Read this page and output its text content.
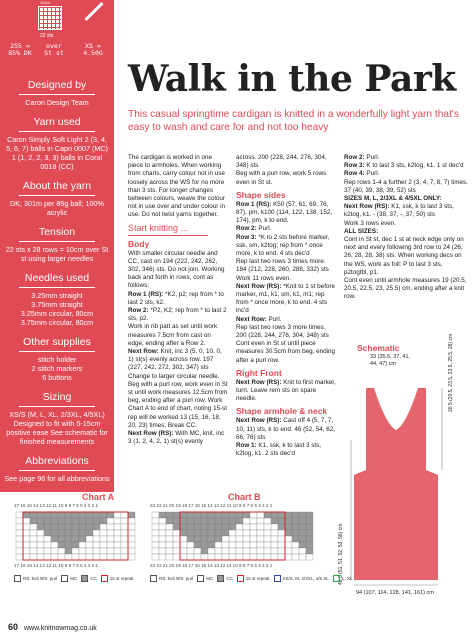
10cm
22 sts
255 = 85% DK
over St st
XS = 4.50G
Designed by
Caron Design Team
Yarn used
Caron Simply Soft Light 2 (3, 4, 5, 6, 7) balls in Capri 0007 (MC) 1 (1, 2, 2, 3, 3) balls in Coral 0018 (CC)
About the yarn
DK; 301m per 85g ball; 100% acrylic
Tension
22 sts x 28 rows = 10cm over St st using larger needles
Needles used
3.25mm straight
3.75mm straight
3.25mm circular, 80cm
3.75mm circular, 80cm
Other supplies
stitch holder
2 stitch markers
6 buttons
Sizing
XS/S (M, L, XL, 2/3XL, 4/5XL) Designed to fit with 5-15cm positive ease See schematic for finished measurements
Abbreviations
See page 96 for all abbreviations
Walk in the Park

This casual springtime cardigan is knitted in a wonderfully light yarn that's easy to wash and care for and not too heavy

The cardigan is worked in one piece to armholes. When working from charts, carry colour not in use loosely across the WS for no more than 3 sts. For longer changes between colours, weave the colour not in use over and under colour in use. Do not twist yarns together.

Start knitting ...
Body

With smaller circular needle and CC, cast on 194 (222, 242, 262, 302, 346) sts. Do not join. Working back and forth in rows, cont as follows:

Row 1 (RS): *K2, p2; rep from * to last 2 sts, k2.

Row 2: *P2, K2; rep from * to last 2 sts, p2.

Work in rib patt as set until work measures 7.5cm from cast on edge, ending after a Row 2.

Next Row: Knit, inc 3 (5, 0, 10, 0, 1) st(s) evenly across row. 197 (227, 242, 272, 302, 347) sts

Change to larger circular needle. Beg with a purl row, work even in St st until work measures 12.5cm from beg, ending after a purl row. Work Chart A to end of chart, noting 15-st rep will be worked 13 (15, 16, 18, 20, 23) times. Break CC.

Next Row (RS): With MC, knit, inc 3 (1, 2, 4, 2, 1) st(s) evenly

across. 200 (228, 244, 276, 304, 348) sts

Beg with a purl row, work 5 rows even in St st.

Shape sides

Row 1 (RS): K50 (57, 61, 69, 76, 87), pm, k100 (114, 122, 138, 152, 174), pm, k to end.

Row 2: Purl.

Row 3: *K to 2 sts before marker, ssk, sm, k2tog; rep from * once more, k to end. 4 sts dec'd

Rep last two rows 3 times more. 184 (212, 228, 260, 288, 332) sts

Work 11 rows even.

Next Row (RS): *Knit to 1 st before marker, m1, k1, sm, k1, m1; rep from * once more, k to end. 4 sts inc'd

Next Row: Purl.

Rep last two rows 3 more times. 200 (228, 244, 276, 304, 348) sts

Cont even in St st until piece measures 30.5cm from beg, ending after a purl row.

Right Front

Next Row (RS): Knit to first marker, turn. Leave rem sts on spare needle.

Shape armhole & neck

Next Row (RS): Cast off 4 (5, 7, 7, 10, 11) sts, k to end. 46 (52, 54, 62, 66, 76) sts

Row 1: K1, ssk, k to last 3 sts, k2tog, k1. 2 sts dec'd

Row 2: Purl.

Row 3: K to last 3 sts, k2tog, k1. 1 st dec'd

Row 4: Purl.

Rep rows 1-4 a further 2 (3, 4, 7, 8, 7) times. 37 (40, 39, 38, 39, 52) sts

SIZES M, L, 2/3XL & 4/5XL ONLY:

Next Row (RS): K1, ssk, k to last 3 sts, k2tog, k1. - (38, 37, -, 37, 50) sts

Work 3 rows even.

ALL SIZES:

Cont in St st, dec 1 st at neck edge only on next and every following 3rd row to 24 (26, 26, 28, 28, 38) sts. When working decs on the WS, work as foll: P to last 3 sts, p2togtbl, p1.

Cont even until armhole measures 19 (20.5, 20.5, 22.5, 23, 25.5) cm, ending after a knit row.

Schematic
33 (35.5, 37, 41, 44, 47) cm	20.5 (20.5, 23.5, 23.5, 25.5, 28) cm
49.5 (51, 51, 52, 53, 56) cm
94 (107, 114, 128, 141, 161) cm
Chart A
17 16 15 14 13 12 11 10 9 8 7 6 5 4 3 2 1
17 16 15 14 13 12 11 10 9 8 7 6 5 4 3 2 1
RS: knit WS: purl	MC	CC	15 st repeat
Chart B
23 22 21 20 19 18 17 16 15 14 13 12 11 10 9 8 7 6 5 4 3 2 1
23 22 21 20 19 18 17 16 15 14 13 12 11 10 9 8 7 6 5 4 3 2 1
RS: knit WS: purl	MC	CC	15 st repeat	XS/S, M, 2/3XL, 4/5 XL	L, XL
60 www.knitnowmag.co.uk
